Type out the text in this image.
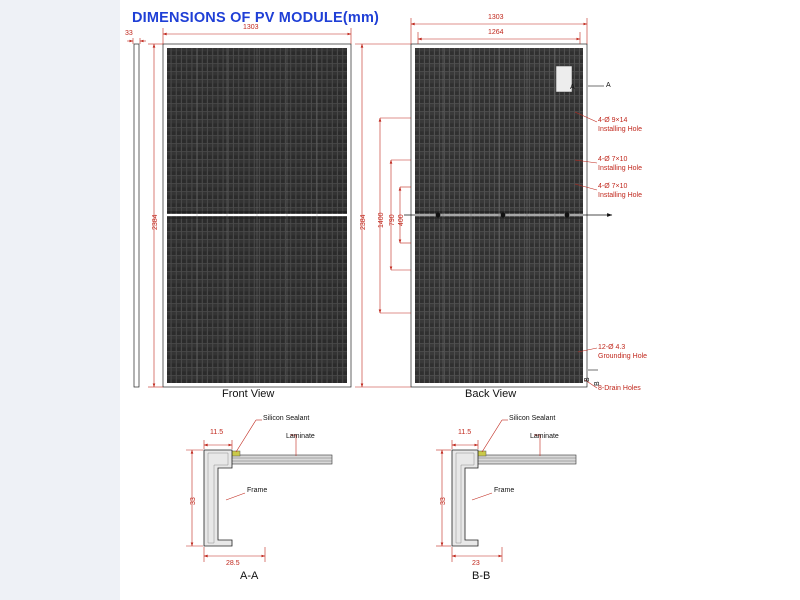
DIMENSIONS OF PV MODULE(mm)
33
1303
2384
Front View
1303
1264
2384 1400 790 400
Back View
A
A
B
B
4-Ø 9×14
Installing Hole
4-Ø 7×10
Installing Hole
4-Ø 7×10
Installing Hole
12-Ø 4.3
Grounding Hole
8-Drain Holes
11.5
33
28.5
Silicon Sealant
Laminate
Frame
A-A
11.5
33
23
Silicon Sealant
Laminate
Frame
B-B
